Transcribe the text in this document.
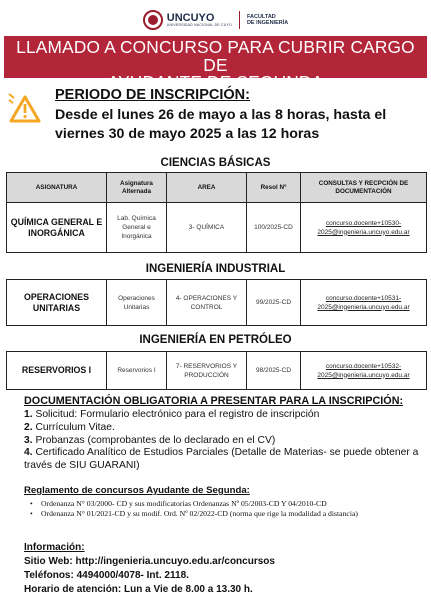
UNCUYO
UNIVERSIDAD NACIONAL DE CUYO
FACULTAD
DE INGENIERÍA
LLAMADO A CONCURSO PARA CUBRIR CARGO DE
AYUDANTE DE SEGUNDA
PERIODO DE INSCRIPCIÓN:
Desde el lunes 26 de mayo a las 8 horas, hasta el viernes 30 de mayo 2025 a las 12 horas
CIENCIAS BÁSICAS
ASIGNATURA	Asignatura Alternada	AREA	Resol Nº	CONSULTAS Y RECPCIÓN DE DOCUMENTACIÓN
QUÍMICA GENERAL E INORGÁNICA	Lab. Química General e Inorgánica	3- QUÍMICA	100/2025-CD	concurso.docente+10530-2025@ingenieria.uncuyo.edu.ar
INGENIERÍA INDUSTRIAL
OPERACIONES UNITARIAS	Operaciones Unitarias	4- OPERACIONES Y CONTROL	99/2025-CD	concurso.docente+10531-2025@ingenieria.uncuyo.edu.ar
INGENIERÍA EN PETRÓLEO
RESERVORIOS I	Reservorios I	7- RESERVORIOS Y PRODUCCIÓN	98/2025-CD	concurso.docente+10532-2025@ingenieria.uncuyo.edu.ar
DOCUMENTACIÓN OBLIGATORIA A PRESENTAR PARA LA INSCRIPCIÓN:
1. Solicitud: Formulario electrónico para el registro de inscripción
2. Currículum Vitae.
3. Probanzas (comprobantes de lo declarado en el CV)
4. Certificado Analítico de Estudios Parciales (Detalle de Materias- se puede obtener a través de SIU GUARANI)
Reglamento de concursos Ayudante de Segunda:
• Ordenanza N° 03/2000- CD y sus modificatorias Ordenanzas Nº 05/2003-CD Y 04/2010-CD
• Ordenanza N° 01/2021-CD y su modif. Ord. Nº 02/2022-CD (norma que rige la modalidad a distancia)
Información:
Sitio Web: http://ingenieria.uncuyo.edu.ar/concursos
Teléfonos: 4494000/4078- Int. 2118.
Horario de atención: Lun a Vie de 8.00 a 13.30 h.
